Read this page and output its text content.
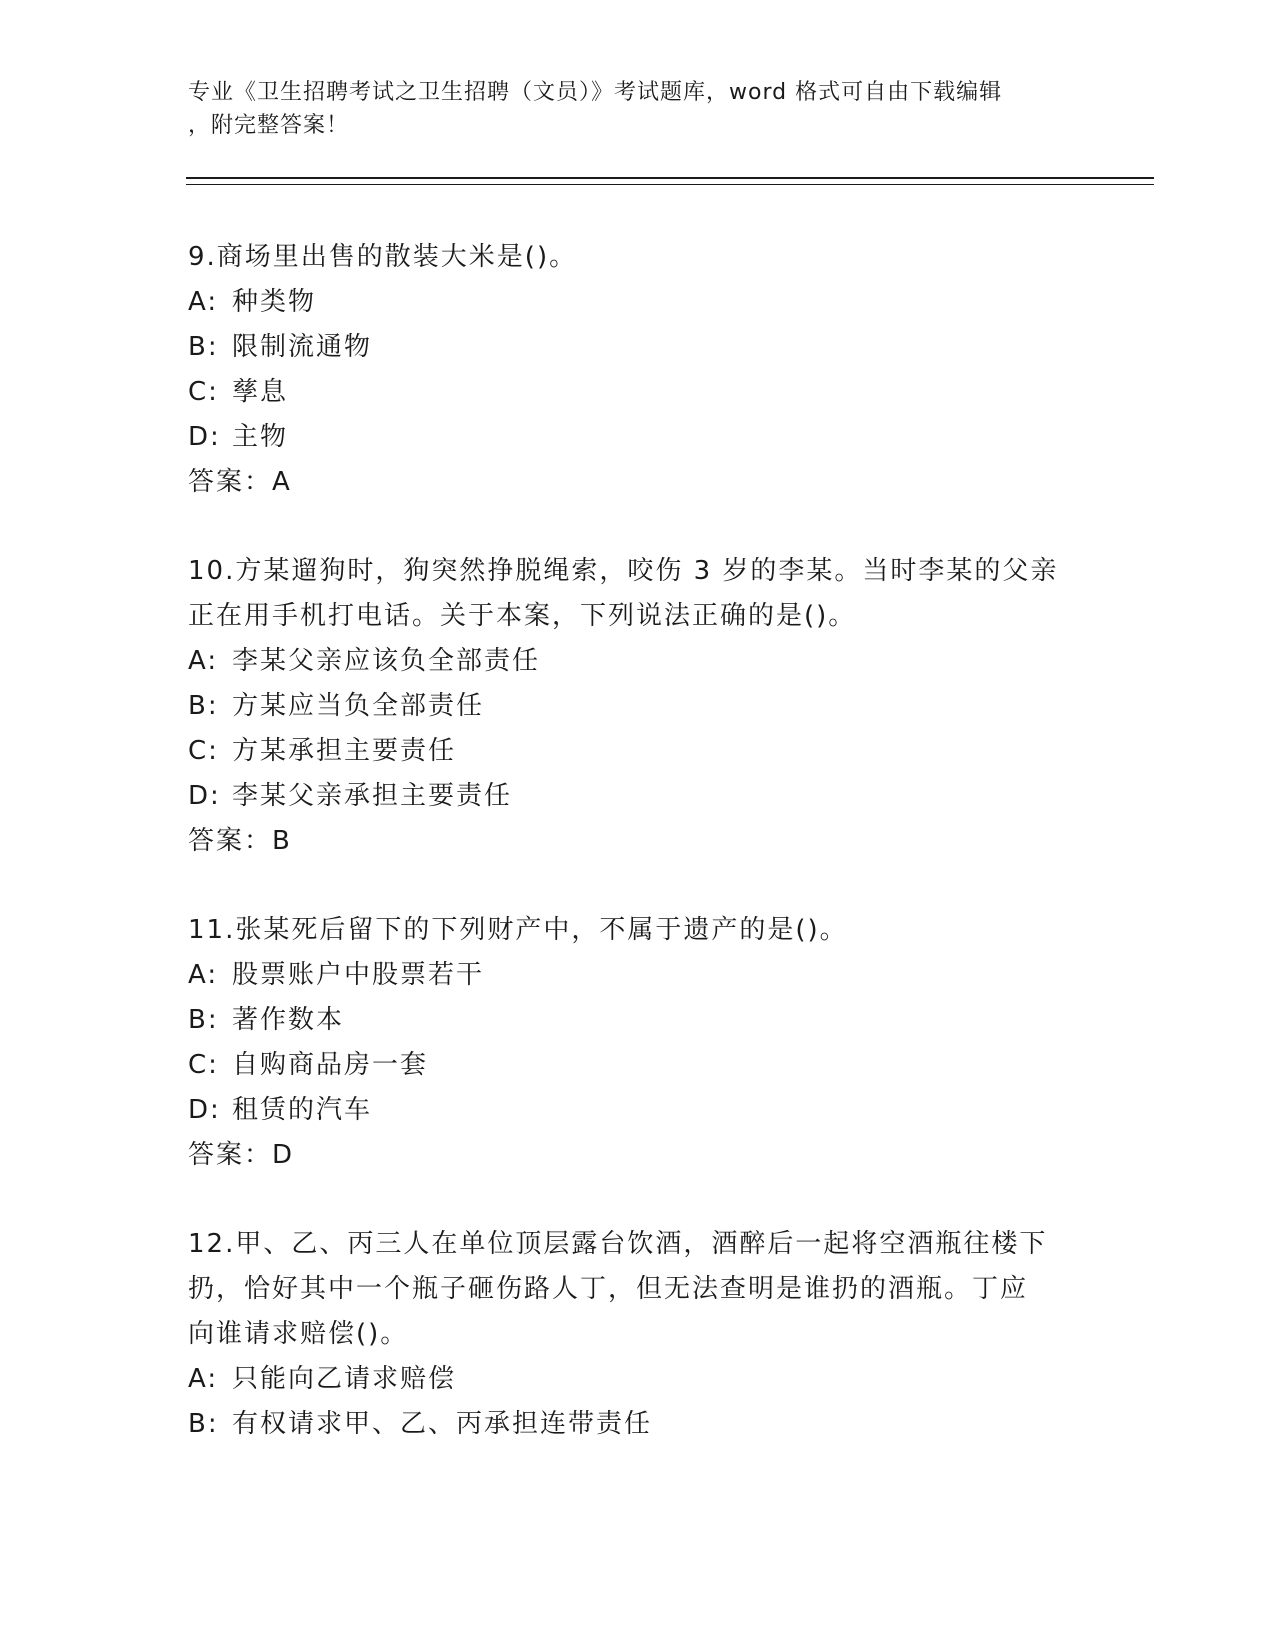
专业《卫生招聘考试之卫生招聘（文员）》考试题库，word 格式可自由下载编辑
，附完整答案！
9.商场里出售的散装大米是()。
A: 种类物
B: 限制流通物
C: 孳息
D: 主物
答案：A
10.方某遛狗时，狗突然挣脱绳索，咬伤 3 岁的李某。当时李某的父亲
正在用手机打电话。关于本案，下列说法正确的是()。
A: 李某父亲应该负全部责任
B: 方某应当负全部责任
C: 方某承担主要责任
D: 李某父亲承担主要责任
答案：B
11.张某死后留下的下列财产中，不属于遗产的是()。
A: 股票账户中股票若干
B: 著作数本
C: 自购商品房一套
D: 租赁的汽车
答案：D
12.甲、乙、丙三人在单位顶层露台饮酒，酒醉后一起将空酒瓶往楼下
扔，恰好其中一个瓶子砸伤路人丁，但无法查明是谁扔的酒瓶。丁应
向谁请求赔偿()。
A: 只能向乙请求赔偿
B: 有权请求甲、乙、丙承担连带责任
